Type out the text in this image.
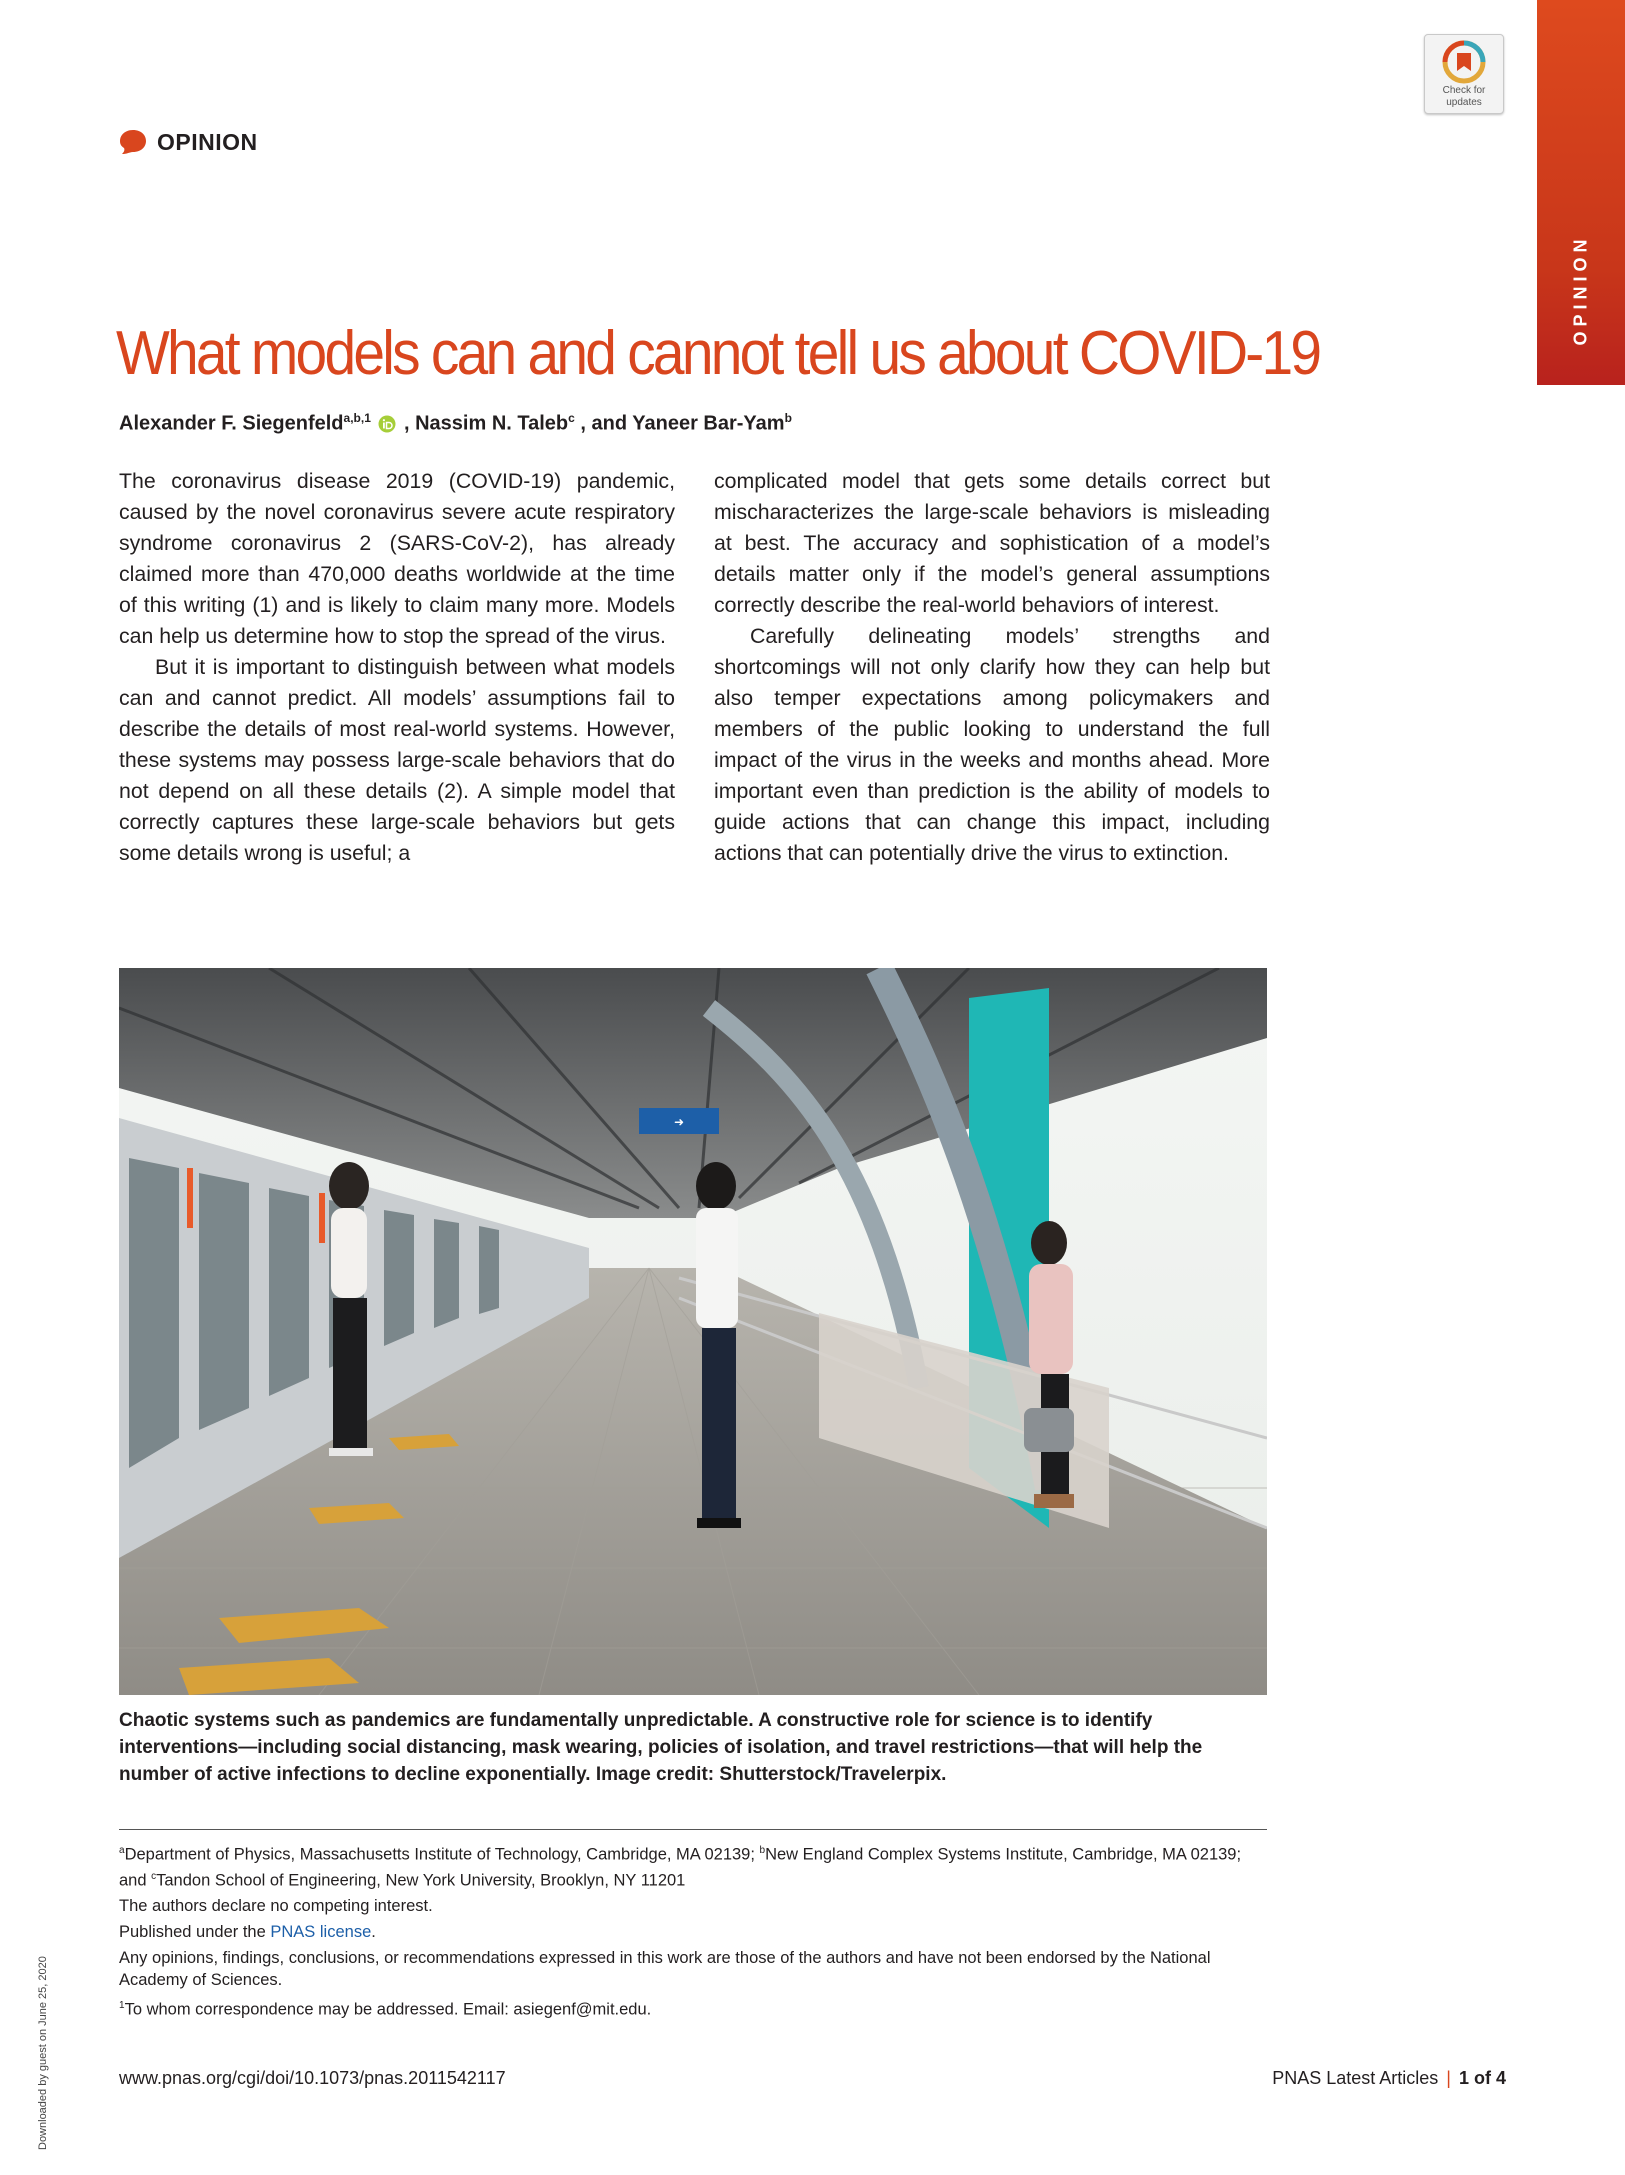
OPINION
Check for
updates
OPINION
What models can and cannot tell us about COVID-19
Alexander F. Siegenfeld$^{a,b,1}$ , Nassim N. Taleb$^c$ , and Yaneer Bar-Yam$^b$

The coronavirus disease 2019 (COVID-19) pandemic, caused by the novel coronavirus severe acute respiratory syndrome coronavirus 2 (SARS-CoV-2), has already claimed more than 470,000 deaths worldwide at the time of this writing (1) and is likely to claim many more. Models can help us determine how to stop the spread of the virus.

But it is important to distinguish between what models can and cannot predict. All models’ assumptions fail to describe the details of most real-world systems. However, these systems may possess large-scale behaviors that do not depend on all these details (2). A simple model that correctly captures these large-scale behaviors but gets some details wrong is useful; a

complicated model that gets some details correct but mischaracterizes the large-scale behaviors is misleading at best. The accuracy and sophistication of a model’s details matter only if the model’s general assumptions correctly describe the real-world behaviors of interest.

Carefully delineating models’ strengths and shortcomings will not only clarify how they can help but also temper expectations among policymakers and members of the public looking to understand the full impact of the virus in the weeks and months ahead. More important even than prediction is the ability of models to guide actions that can change this impact, including actions that can potentially drive the virus to extinction.

➜
Chaotic systems such as pandemics are fundamentally unpredictable. A constructive role for science is to identify interventions—including social distancing, mask wearing, policies of isolation, and travel restrictions—that will help the number of active infections to decline exponentially. Image credit: Shutterstock/Travelerpix.

$^a$Department of Physics, Massachusetts Institute of Technology, Cambridge, MA 02139; $^b$New England Complex Systems Institute, Cambridge, MA 02139; and $^c$Tandon School of Engineering, New York University, Brooklyn, NY 11201

The authors declare no competing interest.

Published under the PNAS license.

Any opinions, findings, conclusions, or recommendations expressed in this work are those of the authors and have not been endorsed by the National Academy of Sciences.

$^1$To whom correspondence may be addressed. Email: asiegenf@mit.edu.

www.pnas.org/cgi/doi/10.1073/pnas.2011542117	PNAS Latest Articles | 1 of 4
Downloaded by guest on June 25, 2020
